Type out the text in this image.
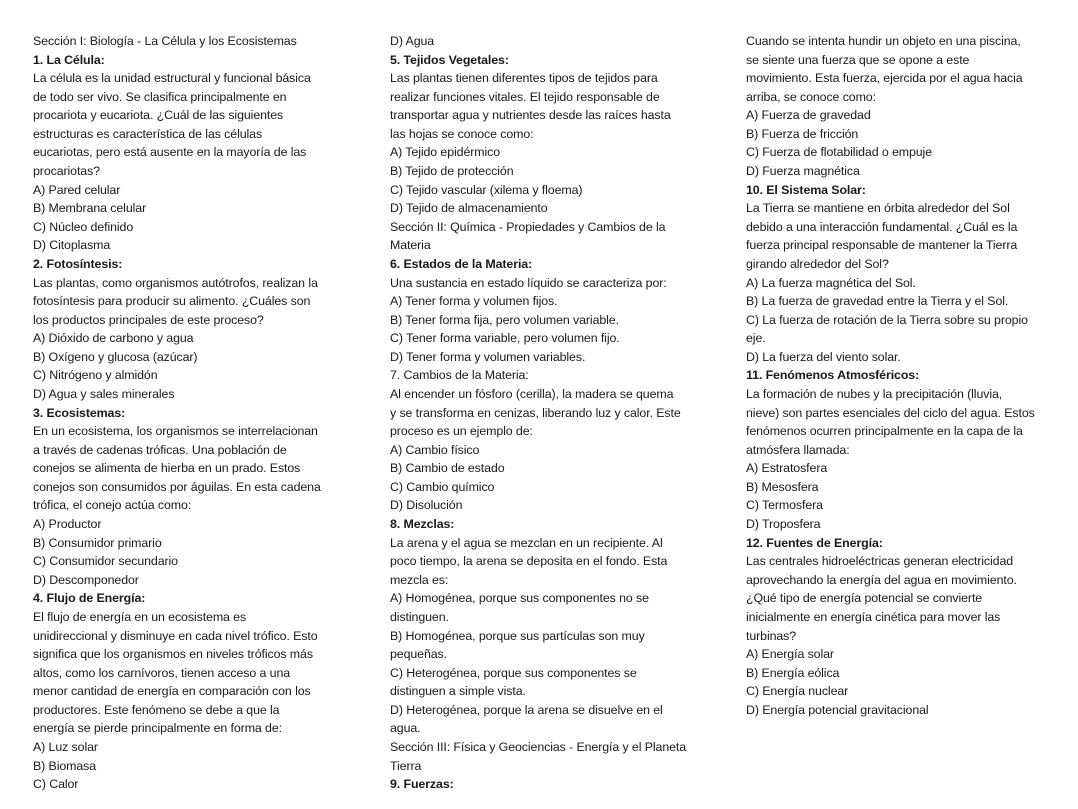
Sección I: Biología - La Célula y los Ecosistemas
1. La Célula:
La célula es la unidad estructural y funcional básica
de todo ser vivo. Se clasifica principalmente en
procariota y eucariota. ¿Cuál de las siguientes
estructuras es característica de las células
eucariotas, pero está ausente en la mayoría de las
procariotas?
A) Pared celular
B) Membrana celular
C) Núcleo definido
D) Citoplasma
2. Fotosíntesis:
Las plantas, como organismos autótrofos, realizan la
fotosíntesis para producir su alimento. ¿Cuáles son
los productos principales de este proceso?
A) Dióxido de carbono y agua
B) Oxígeno y glucosa (azúcar)
C) Nitrógeno y almidón
D) Agua y sales minerales
3. Ecosistemas:
En un ecosistema, los organismos se interrelacionan
a través de cadenas tróficas. Una población de
conejos se alimenta de hierba en un prado. Estos
conejos son consumidos por águilas. En esta cadena
trófica, el conejo actúa como:
A) Productor
B) Consumidor primario
C) Consumidor secundario
D) Descomponedor
4. Flujo de Energía:
El flujo de energía en un ecosistema es
unidireccional y disminuye en cada nivel trófico. Esto
significa que los organismos en niveles tróficos más
altos, como los carnívoros, tienen acceso a una
menor cantidad de energía en comparación con los
productores. Este fenómeno se debe a que la
energía se pierde principalmente en forma de:
A) Luz solar
B) Biomasa
C) Calor
D) Agua
5. Tejidos Vegetales:
Las plantas tienen diferentes tipos de tejidos para
realizar funciones vitales. El tejido responsable de
transportar agua y nutrientes desde las raíces hasta
las hojas se conoce como:
A) Tejido epidérmico
B) Tejido de protección
C) Tejido vascular (xilema y floema)
D) Tejido de almacenamiento
Sección II: Química - Propiedades y Cambios de la
Materia
6. Estados de la Materia:
Una sustancia en estado líquido se caracteriza por:
A) Tener forma y volumen fijos.
B) Tener forma fija, pero volumen variable.
C) Tener forma variable, pero volumen fijo.
D) Tener forma y volumen variables.
7. Cambios de la Materia:
Al encender un fósforo (cerilla), la madera se quema
y se transforma en cenizas, liberando luz y calor. Este
proceso es un ejemplo de:
A) Cambio físico
B) Cambio de estado
C) Cambio químico
D) Disolución
8. Mezclas:
La arena y el agua se mezclan en un recipiente. Al
poco tiempo, la arena se deposita en el fondo. Esta
mezcla es:
A) Homogénea, porque sus componentes no se
distinguen.
B) Homogénea, porque sus partículas son muy
pequeñas.
C) Heterogénea, porque sus componentes se
distinguen a simple vista.
D) Heterogénea, porque la arena se disuelve en el
agua.
Sección III: Física y Geociencias - Energía y el Planeta
Tierra
9. Fuerzas:
Cuando se intenta hundir un objeto en una piscina,
se siente una fuerza que se opone a este
movimiento. Esta fuerza, ejercida por el agua hacia
arriba, se conoce como:
A) Fuerza de gravedad
B) Fuerza de fricción
C) Fuerza de flotabilidad o empuje
D) Fuerza magnética
10. El Sistema Solar:
La Tierra se mantiene en órbita alrededor del Sol
debido a una interacción fundamental. ¿Cuál es la
fuerza principal responsable de mantener la Tierra
girando alrededor del Sol?
A) La fuerza magnética del Sol.
B) La fuerza de gravedad entre la Tierra y el Sol.
C) La fuerza de rotación de la Tierra sobre su propio
eje.
D) La fuerza del viento solar.
11. Fenómenos Atmosféricos:
La formación de nubes y la precipitación (lluvia,
nieve) son partes esenciales del ciclo del agua. Estos
fenómenos ocurren principalmente en la capa de la
atmósfera llamada:
A) Estratosfera
B) Mesosfera
C) Termosfera
D) Troposfera
12. Fuentes de Energía:
Las centrales hidroeléctricas generan electricidad
aprovechando la energía del agua en movimiento.
¿Qué tipo de energía potencial se convierte
inicialmente en energía cinética para mover las
turbinas?
A) Energía solar
B) Energía eólica
C) Energía nuclear
D) Energía potencial gravitacional
